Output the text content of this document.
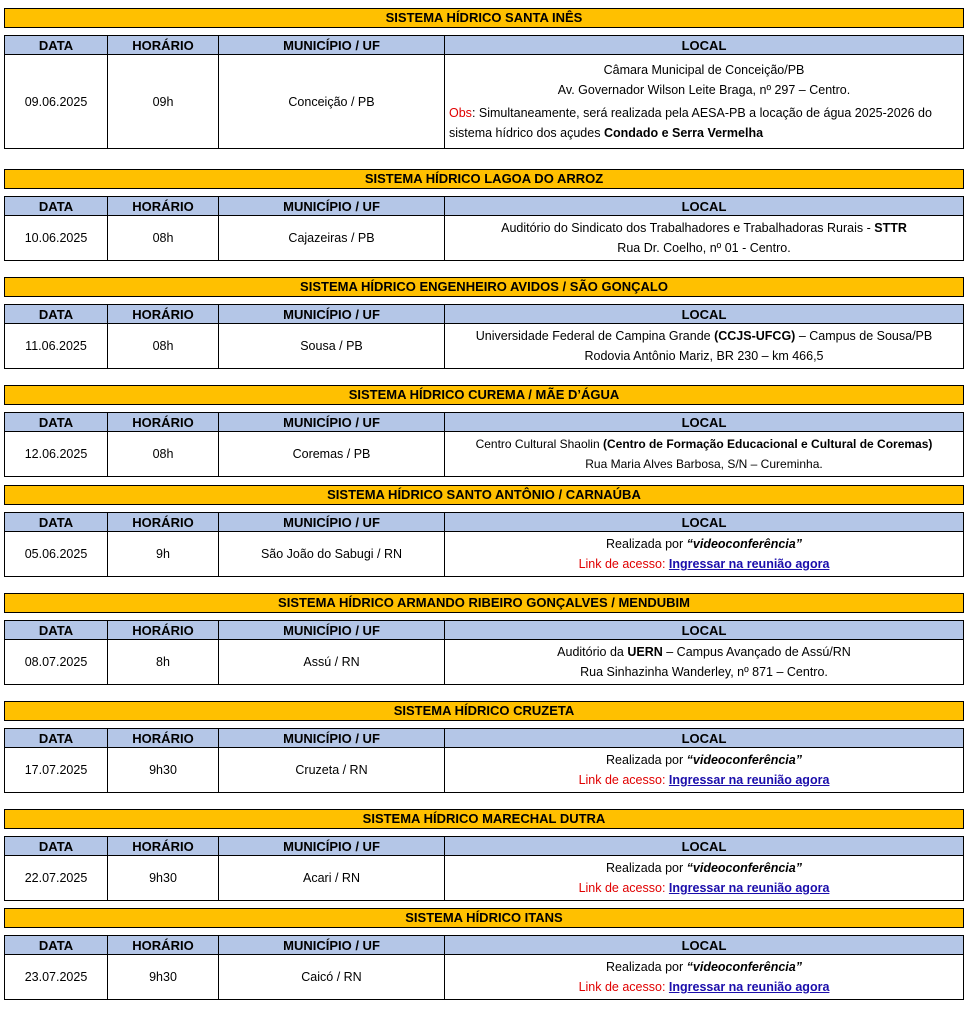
SISTEMA HÍDRICO SANTA INÊS
DATA	HORÁRIO	MUNICÍPIO / UF	LOCAL
09.06.2025	09h	Conceição / PB	Câmara Municipal de Conceição/PB
Av. Governador Wilson Leite Braga, nº 297 – Centro.
Obs: Simultaneamente, será realizada pela AESA-PB a locação de água 2025-2026 do sistema hídrico dos açudes Condado e Serra Vermelha
SISTEMA HÍDRICO LAGOA DO ARROZ
DATA	HORÁRIO	MUNICÍPIO / UF	LOCAL
10.06.2025	08h	Cajazeiras / PB	Auditório do Sindicato dos Trabalhadores e Trabalhadoras Rurais - STTR
Rua Dr. Coelho, nº 01 - Centro.
SISTEMA HÍDRICO ENGENHEIRO AVIDOS / SÃO GONÇALO
DATA	HORÁRIO	MUNICÍPIO / UF	LOCAL
11.06.2025	08h	Sousa / PB	Universidade Federal de Campina Grande (CCJS-UFCG) – Campus de Sousa/PB
Rodovia Antônio Mariz, BR 230 – km 466,5
SISTEMA HÍDRICO CUREMA / MÃE D’ÁGUA
DATA	HORÁRIO	MUNICÍPIO / UF	LOCAL
12.06.2025	08h	Coremas / PB	Centro Cultural Shaolin (Centro de Formação Educacional e Cultural de Coremas)
Rua Maria Alves Barbosa, S/N – Cureminha.
SISTEMA HÍDRICO SANTO ANTÔNIO / CARNAÚBA
DATA	HORÁRIO	MUNICÍPIO / UF	LOCAL
05.06.2025	9h	São João do Sabugi / RN	Realizada por “videoconferência”
Link de acesso: Ingressar na reunião agora
SISTEMA HÍDRICO ARMANDO RIBEIRO GONÇALVES / MENDUBIM
DATA	HORÁRIO	MUNICÍPIO / UF	LOCAL
08.07.2025	8h	Assú / RN	Auditório da UERN – Campus Avançado de Assú/RN
Rua Sinhazinha Wanderley, nº 871 – Centro.
SISTEMA HÍDRICO CRUZETA
DATA	HORÁRIO	MUNICÍPIO / UF	LOCAL
17.07.2025	9h30	Cruzeta / RN	Realizada por “videoconferência”
Link de acesso: Ingressar na reunião agora
SISTEMA HÍDRICO MARECHAL DUTRA
DATA	HORÁRIO	MUNICÍPIO / UF	LOCAL
22.07.2025	9h30	Acari / RN	Realizada por “videoconferência”
Link de acesso: Ingressar na reunião agora
SISTEMA HÍDRICO ITANS
DATA	HORÁRIO	MUNICÍPIO / UF	LOCAL
23.07.2025	9h30	Caicó / RN	Realizada por “videoconferência”
Link de acesso: Ingressar na reunião agora
